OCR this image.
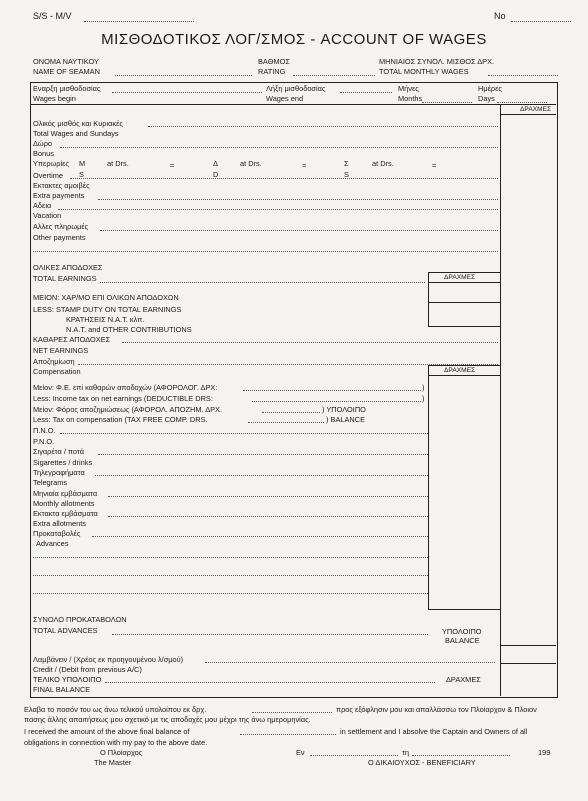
S/S - M/V	No
ΜΙΣΘΟΔΟΤΙΚΟΣ ΛΟΓ/ΣΜΟΣ - ACCOUNT OF WAGES
ΟΝΟΜΑ ΝΑΥΤΙΚΟΥ
NAME OF SEAMAN
ΒΑΘΜΟΣ
RATING
ΜΗΝΙΑΙΟΣ ΣΥΝΟΛ. ΜΙΣΘΟΣ ΔΡΧ.
TOTAL MONTHLY WAGES
Εναρξη μισθοδοσίας
Wages begin
Λήξη μισθοδοσίας
Wages end
Μήνες
Months
Ημέρες
Days
ΔΡΑΧΜΕΣ
Ολικός μισθός και Κυριακές
Total Wages and Sundays
Δώρο
Bonus
Υπερωρίες M	at Drs.	=	Δ	at Drs.	=	Σ	at Drs.	=
Overtime S	D	S
Εκτακτες αμοιβές
Extra payments
Αδεια
Vacation
Αλλες πληρωμές
Other payments
ΟΛΙΚΕΣ ΑΠΟΔΟΧΕΣ
TOTAL EARNINGS	ΔΡΑΧΜΕΣ
ΜΕΙΟΝ: ΧΑΡ/ΜΟ ΕΠΙ ΟΛΙΚΩΝ ΑΠΟΔΟΧΩΝ
LESS: STAMP DUTY ON TOTAL EARNINGS
ΚΡΑΤΗΣΕΙΣ Ν.Α.Τ. κλπ.
N.A.T. and OTHER CONTRIBUTIONS
ΚΑΘΑΡΕΣ ΑΠΟΔΟΧΕΣ
NET EARNINGS
Αποζημίωση
Compensation	ΔΡΑΧΜΕΣ
Μείον: Φ.Ε. επί καθαρών αποδοχών (ΑΦΟΡΟΛΟΓ. ΔΡΧ:	)
Less: Income tax on net earnings (DEDUCTIBLE DRS:	)
Μείον: Φόρος αποζημιώσεως (ΑΦΟΡΟΛ. ΑΠΟΖΗΜ. ΔΡΧ.	) ΥΠΟΛΟΙΠΟ
Less: Tax on compensation (TAX FREE COMP. DRS.	) BALANCE
Π.Ν.Ο.
P.N.O.
Σιγαρέτα / ποτά
Sigarettes / drinks
Τηλεγραφήματα
Telegrams
Μηνιαία εμβάσματα
Monthly allotments
Εκτακτα εμβάσματα
Extra allotments
Προκαταβολές
Advances
ΣΥΝΟΛΟ ΠΡΟΚΑΤΑΒΟΛΩΝ
TOTAL ADVANCES	ΥΠΟΛΟΙΠΟ
BALANCE
Λαμβάνειν / (Χρέος εκ προηγουμένου λ/σμού)
Credit / (Debit from previous A/C)
ΤΕΛΙΚΟ ΥΠΟΛΟΙΠΟ	ΔΡΑΧΜΕΣ
FINAL BALANCE
Ελαβα το ποσόν του ως άνω τελικού υπολοίπου εκ δρχ.	προς εξόφλησιν μου και απαλλάσσω τον Πλοίαρχον & Πλοιον
πασης άλλης απαιτήσεως μου σχετικό με τις αποδοχές μου μέχρι της άνω ημερομηνίας.
I received the amount of the above final balance of	in settlement and I absolve the Captain and Owners of all
obligations in connection with my pay to the above date.
Ο Πλοίαρχος
The Master
Εν	τη	199
Ο ΔΙΚΑΙΟΥΧΟΣ - BENEFICIARY
